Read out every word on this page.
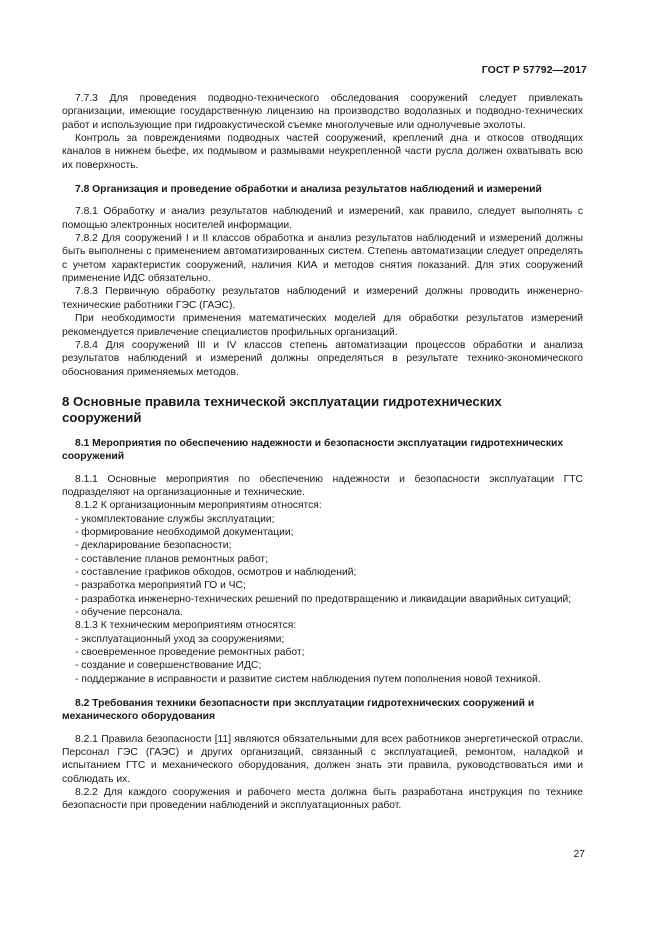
ГОСТ Р 57792—2017
7.7.3 Для проведения подводно-технического обследования сооружений следует привлекать организации, имеющие государственную лицензию на производство водолазных и подводно-технических работ и использующие при гидроакустической съемке многолучевые или однолучевые эхолоты.
Контроль за повреждениями подводных частей сооружений, креплений дна и откосов отводящих каналов в нижнем бьефе, их подмывом и размывами неукрепленной части русла должен охватывать всю их поверхность.
7.8 Организация и проведение обработки и анализа результатов наблюдений и измерений
7.8.1 Обработку и анализ результатов наблюдений и измерений, как правило, следует выполнять с помощью электронных носителей информации.
7.8.2 Для сооружений I и II классов обработка и анализ результатов наблюдений и измерений должны быть выполнены с применением автоматизированных систем. Степень автоматизации следует определять с учетом характеристик сооружений, наличия КИА и методов снятия показаний. Для этих сооружений применение ИДС обязательно.
7.8.3 Первичную обработку результатов наблюдений и измерений должны проводить инженерно-технические работники ГЭС (ГАЭС).
При необходимости применения математических моделей для обработки результатов измерений рекомендуется привлечение специалистов профильных организаций.
7.8.4 Для сооружений III и IV классов степень автоматизации процессов обработки и анализа результатов наблюдений и измерений должны определяться в результате технико-экономического обоснования применяемых методов.
8 Основные правила технической эксплуатации гидротехнических сооружений
8.1 Мероприятия по обеспечению надежности и безопасности эксплуатации гидротехнических сооружений
8.1.1 Основные мероприятия по обеспечению надежности и безопасности эксплуатации ГТС подразделяют на организационные и технические.
8.1.2 К организационным мероприятиям относятся:
- укомплектование службы эксплуатации;
- формирование необходимой документации;
- декларирование безопасности;
- составление планов ремонтных работ;
- составление графиков обходов, осмотров и наблюдений;
- разработка мероприятий ГО и ЧС;
- разработка инженерно-технических решений по предотвращению и ликвидации аварийных ситуаций;
- обучение персонала.
8.1.3 К техническим мероприятиям относятся:
- эксплуатационный уход за сооружениями;
- своевременное проведение ремонтных работ;
- создание и совершенствование ИДС;
- поддержание в исправности и развитие систем наблюдения путем пополнения новой техникой.
8.2 Требования техники безопасности при эксплуатации гидротехнических сооружений и механического оборудования
8.2.1 Правила безопасности [11] являются обязательными для всех работников энергетической отрасли. Персонал ГЭС (ГАЭС) и других организаций, связанный с эксплуатацией, ремонтом, наладкой и испытанием ГТС и механического оборудования, должен знать эти правила, руководствоваться ими и соблюдать их.
8.2.2 Для каждого сооружения и рабочего места должна быть разработана инструкция по технике безопасности при проведении наблюдений и эксплуатационных работ.
27
